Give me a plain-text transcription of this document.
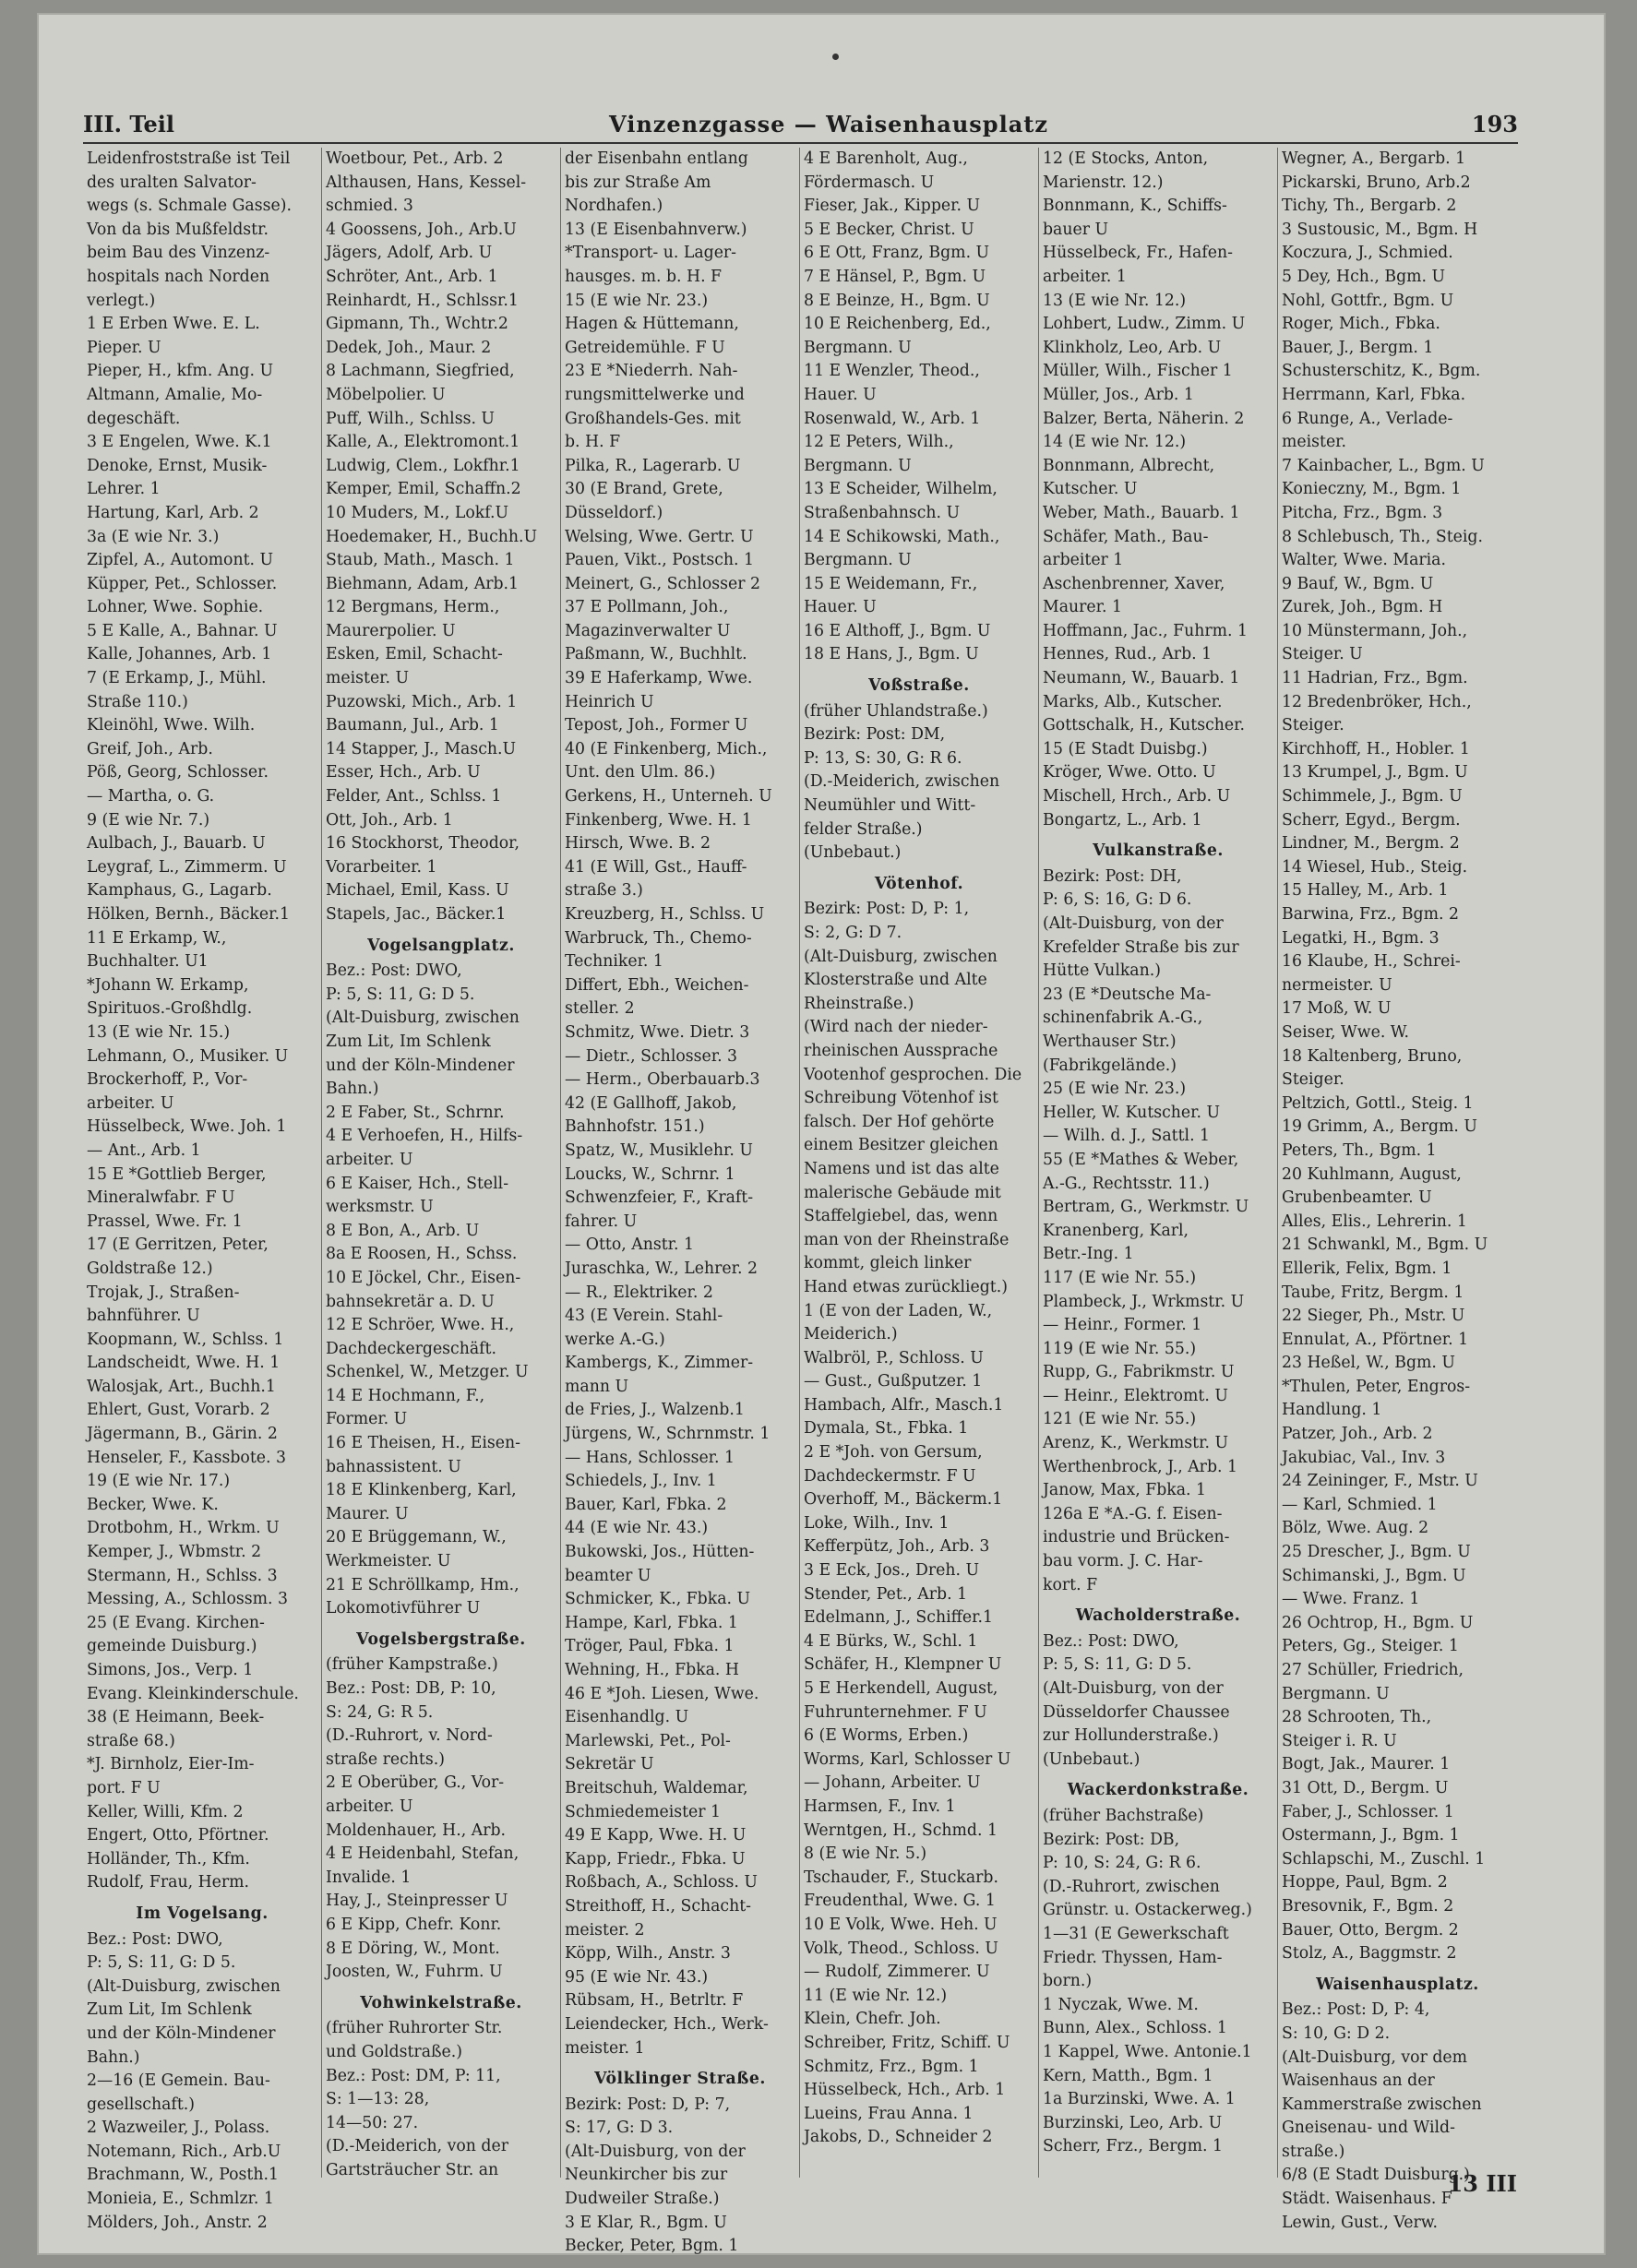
III. Teil	Vinzenzgasse — Waisenhausplatz	193
Leidenfroststraße ist Teil
des uralten Salvator-
wegs (s. Schmale Gasse).
Von da bis Mußfeldstr.
beim Bau des Vinzenz-
hospitals nach Norden
verlegt.)
1 E Erben Wwe. E. L.
Pieper. U
Pieper, H., kfm. Ang. U
Altmann, Amalie, Mo-
degeschäft.
3 E Engelen, Wwe. K.1
Denoke, Ernst, Musik-
Lehrer. 1
Hartung, Karl, Arb. 2
3a (E wie Nr. 3.)
Zipfel, A., Automont. U
Küpper, Pet., Schlosser.
Lohner, Wwe. Sophie.
5 E Kalle, A., Bahnar. U
Kalle, Johannes, Arb. 1
7 (E Erkamp, J., Mühl.
Straße 110.)
Kleinöhl, Wwe. Wilh.
Greif, Joh., Arb.
Pöß, Georg, Schlosser.
— Martha, o. G.
9 (E wie Nr. 7.)
Aulbach, J., Bauarb. U
Leygraf, L., Zimmerm. U
Kamphaus, G., Lagarb.
Hölken, Bernh., Bäcker.1
11 E Erkamp, W.,
Buchhalter. U1
*Johann W. Erkamp,
Spirituos.-Großhdlg.
13 (E wie Nr. 15.)
Lehmann, O., Musiker. U
Brockerhoff, P., Vor-
arbeiter. U
Hüsselbeck, Wwe. Joh. 1
— Ant., Arb. 1
15 E *Gottlieb Berger,
Mineralwfabr. F U
Prassel, Wwe. Fr. 1
17 (E Gerritzen, Peter,
Goldstraße 12.)
Trojak, J., Straßen-
bahnführer. U
Koopmann, W., Schlss. 1
Landscheidt, Wwe. H. 1
Walosjak, Art., Buchh.1
Ehlert, Gust, Vorarb. 2
Jägermann, B., Gärin. 2
Henseler, F., Kassbote. 3
19 (E wie Nr. 17.)
Becker, Wwe. K.
Drotbohm, H., Wrkm. U
Kemper, J., Wbmstr. 2
Stermann, H., Schlss. 3
Messing, A., Schlossm. 3
25 (E Evang. Kirchen-
gemeinde Duisburg.)
Simons, Jos., Verp. 1
Evang. Kleinkinderschule.
38 (E Heimann, Beek-
straße 68.)
*J. Birnholz, Eier-Im-
port. F U
Keller, Willi, Kfm. 2
Engert, Otto, Pförtner.
Holländer, Th., Kfm.
Rudolf, Frau, Herm.
Im Vogelsang.
Bez.: Post: DWO,
P: 5, S: 11, G: D 5.
(Alt-Duisburg, zwischen
Zum Lit, Im Schlenk
und der Köln-Mindener
Bahn.)
2—16 (E Gemein. Bau-
gesellschaft.)
2 Wazweiler, J., Polass.
Notemann, Rich., Arb.U
Brachmann, W., Posth.1
Monieia, E., Schmlzr. 1
Mölders, Joh., Anstr. 2
Woetbour, Pet., Arb. 2
Althausen, Hans, Kessel-
schmied. 3
4 Goossens, Joh., Arb.U
Jägers, Adolf, Arb. U
Schröter, Ant., Arb. 1
Reinhardt, H., Schlssr.1
Gipmann, Th., Wchtr.2
Dedek, Joh., Maur. 2
8 Lachmann, Siegfried,
Möbelpolier. U
Puff, Wilh., Schlss. U
Kalle, A., Elektromont.1
Ludwig, Clem., Lokfhr.1
Kemper, Emil, Schaffn.2
10 Muders, M., Lokf.U
Hoedemaker, H., Buchh.U
Staub, Math., Masch. 1
Biehmann, Adam, Arb.1
12 Bergmans, Herm.,
Maurerpolier. U
Esken, Emil, Schacht-
meister. U
Puzowski, Mich., Arb. 1
Baumann, Jul., Arb. 1
14 Stapper, J., Masch.U
Esser, Hch., Arb. U
Felder, Ant., Schlss. 1
Ott, Joh., Arb. 1
16 Stockhorst, Theodor,
Vorarbeiter. 1
Michael, Emil, Kass. U
Stapels, Jac., Bäcker.1
Vogelsangplatz.
Bez.: Post: DWO,
P: 5, S: 11, G: D 5.
(Alt-Duisburg, zwischen
Zum Lit, Im Schlenk
und der Köln-Mindener
Bahn.)
2 E Faber, St., Schrnr.
4 E Verhoefen, H., Hilfs-
arbeiter. U
6 E Kaiser, Hch., Stell-
werksmstr. U
8 E Bon, A., Arb. U
8a E Roosen, H., Schss.
10 E Jöckel, Chr., Eisen-
bahnsekretär a. D. U
12 E Schröer, Wwe. H.,
Dachdeckergeschäft.
Schenkel, W., Metzger. U
14 E Hochmann, F.,
Former. U
16 E Theisen, H., Eisen-
bahnassistent. U
18 E Klinkenberg, Karl,
Maurer. U
20 E Brüggemann, W.,
Werkmeister. U
21 E Schröllkamp, Hm.,
Lokomotivführer U
Vogelsbergstraße.
(früher Kampstraße.)
Bez.: Post: DB, P: 10,
S: 24, G: R 5.
(D.-Ruhrort, v. Nord-
straße rechts.)
2 E Oberüber, G., Vor-
arbeiter. U
Moldenhauer, H., Arb.
4 E Heidenbahl, Stefan,
Invalide. 1
Hay, J., Steinpresser U
6 E Kipp, Chefr. Konr.
8 E Döring, W., Mont.
Joosten, W., Fuhrm. U
Vohwinkelstraße.
(früher Ruhrorter Str.
und Goldstraße.)
Bez.: Post: DM, P: 11,
S: 1—13: 28,
14—50: 27.
(D.-Meiderich, von der
Gartsträucher Str. an
der Eisenbahn entlang
bis zur Straße Am
Nordhafen.)
13 (E Eisenbahnverw.)
*Transport- u. Lager-
hausges. m. b. H. F
15 (E wie Nr. 23.)
Hagen & Hüttemann,
Getreidemühle. F U
23 E *Niederrh. Nah-
rungsmittelwerke und
Großhandels-Ges. mit
b. H. F
Pilka, R., Lagerarb. U
30 (E Brand, Grete,
Düsseldorf.)
Welsing, Wwe. Gertr. U
Pauen, Vikt., Postsch. 1
Meinert, G., Schlosser 2
37 E Pollmann, Joh.,
Magazinverwalter U
Paßmann, W., Buchhlt.
39 E Haferkamp, Wwe.
Heinrich U
Tepost, Joh., Former U
40 (E Finkenberg, Mich.,
Unt. den Ulm. 86.)
Gerkens, H., Unterneh. U
Finkenberg, Wwe. H. 1
Hirsch, Wwe. B. 2
41 (E Will, Gst., Hauff-
straße 3.)
Kreuzberg, H., Schlss. U
Warbruck, Th., Chemo-
Techniker. 1
Differt, Ebh., Weichen-
steller. 2
Schmitz, Wwe. Dietr. 3
— Dietr., Schlosser. 3
— Herm., Oberbauarb.3
42 (E Gallhoff, Jakob,
Bahnhofstr. 151.)
Spatz, W., Musiklehr. U
Loucks, W., Schrnr. 1
Schwenzfeier, F., Kraft-
fahrer. U
— Otto, Anstr. 1
Juraschka, W., Lehrer. 2
— R., Elektriker. 2
43 (E Verein. Stahl-
werke A.-G.)
Kambergs, K., Zimmer-
mann U
de Fries, J., Walzenb.1
Jürgens, W., Schrnmstr. 1
— Hans, Schlosser. 1
Schiedels, J., Inv. 1
Bauer, Karl, Fbka. 2
44 (E wie Nr. 43.)
Bukowski, Jos., Hütten-
beamter U
Schmicker, K., Fbka. U
Hampe, Karl, Fbka. 1
Tröger, Paul, Fbka. 1
Wehning, H., Fbka. H
46 E *Joh. Liesen, Wwe.
Eisenhandlg. U
Marlewski, Pet., Pol-
Sekretär U
Breitschuh, Waldemar,
Schmiedemeister 1
49 E Kapp, Wwe. H. U
Kapp, Friedr., Fbka. U
Roßbach, A., Schloss. U
Streithoff, H., Schacht-
meister. 2
Köpp, Wilh., Anstr. 3
95 (E wie Nr. 43.)
Rübsam, H., Betrltr. F
Leiendecker, Hch., Werk-
meister. 1
Völklinger Straße.
Bezirk: Post: D, P: 7,
S: 17, G: D 3.
(Alt-Duisburg, von der
Neunkircher bis zur
Dudweiler Straße.)
3 E Klar, R., Bgm. U
Becker, Peter, Bgm. 1
4 E Barenholt, Aug.,
Fördermasch. U
Fieser, Jak., Kipper. U
5 E Becker, Christ. U
6 E Ott, Franz, Bgm. U
7 E Hänsel, P., Bgm. U
8 E Beinze, H., Bgm. U
10 E Reichenberg, Ed.,
Bergmann. U
11 E Wenzler, Theod.,
Hauer. U
Rosenwald, W., Arb. 1
12 E Peters, Wilh.,
Bergmann. U
13 E Scheider, Wilhelm,
Straßenbahnsch. U
14 E Schikowski, Math.,
Bergmann. U
15 E Weidemann, Fr.,
Hauer. U
16 E Althoff, J., Bgm. U
18 E Hans, J., Bgm. U
Voßstraße.
(früher Uhlandstraße.)
Bezirk: Post: DM,
P: 13, S: 30, G: R 6.
(D.-Meiderich, zwischen
Neumühler und Witt-
felder Straße.)
(Unbebaut.)
Vötenhof.
Bezirk: Post: D, P: 1,
S: 2, G: D 7.
(Alt-Duisburg, zwischen
Klosterstraße und Alte
Rheinstraße.)
(Wird nach der nieder-
rheinischen Aussprache
Vootenhof gesprochen. Die
Schreibung Vötenhof ist
falsch. Der Hof gehörte
einem Besitzer gleichen
Namens und ist das alte
malerische Gebäude mit
Staffelgiebel, das, wenn
man von der Rheinstraße
kommt, gleich linker
Hand etwas zurückliegt.)
1 (E von der Laden, W.,
Meiderich.)
Walbröl, P., Schloss. U
— Gust., Gußputzer. 1
Hambach, Alfr., Masch.1
Dymala, St., Fbka. 1
2 E *Joh. von Gersum,
Dachdeckermstr. F U
Overhoff, M., Bäckerm.1
Loke, Wilh., Inv. 1
Kefferpütz, Joh., Arb. 3
3 E Eck, Jos., Dreh. U
Stender, Pet., Arb. 1
Edelmann, J., Schiffer.1
4 E Bürks, W., Schl. 1
Schäfer, H., Klempner U
5 E Herkendell, August,
Fuhrunternehmer. F U
6 (E Worms, Erben.)
Worms, Karl, Schlosser U
— Johann, Arbeiter. U
Harmsen, F., Inv. 1
Werntgen, H., Schmd. 1
8 (E wie Nr. 5.)
Tschauder, F., Stuckarb.
Freudenthal, Wwe. G. 1
10 E Volk, Wwe. Heh. U
Volk, Theod., Schloss. U
— Rudolf, Zimmerer. U
11 (E wie Nr. 12.)
Klein, Chefr. Joh.
Schreiber, Fritz, Schiff. U
Schmitz, Frz., Bgm. 1
Hüsselbeck, Hch., Arb. 1
Lueins, Frau Anna. 1
Jakobs, D., Schneider 2
12 (E Stocks, Anton,
Marienstr. 12.)
Bonnmann, K., Schiffs-
bauer U
Hüsselbeck, Fr., Hafen-
arbeiter. 1
13 (E wie Nr. 12.)
Lohbert, Ludw., Zimm. U
Klinkholz, Leo, Arb. U
Müller, Wilh., Fischer 1
Müller, Jos., Arb. 1
Balzer, Berta, Näherin. 2
14 (E wie Nr. 12.)
Bonnmann, Albrecht,
Kutscher. U
Weber, Math., Bauarb. 1
Schäfer, Math., Bau-
arbeiter 1
Aschenbrenner, Xaver,
Maurer. 1
Hoffmann, Jac., Fuhrm. 1
Hennes, Rud., Arb. 1
Neumann, W., Bauarb. 1
Marks, Alb., Kutscher.
Gottschalk, H., Kutscher.
15 (E Stadt Duisbg.)
Kröger, Wwe. Otto. U
Mischell, Hrch., Arb. U
Bongartz, L., Arb. 1
Vulkanstraße.
Bezirk: Post: DH,
P: 6, S: 16, G: D 6.
(Alt-Duisburg, von der
Krefelder Straße bis zur
Hütte Vulkan.)
23 (E *Deutsche Ma-
schinenfabrik A.-G.,
Werthauser Str.)
(Fabrikgelände.)
25 (E wie Nr. 23.)
Heller, W. Kutscher. U
— Wilh. d. J., Sattl. 1
55 (E *Mathes & Weber,
A.-G., Rechtsstr. 11.)
Bertram, G., Werkmstr. U
Kranenberg, Karl,
Betr.-Ing. 1
117 (E wie Nr. 55.)
Plambeck, J., Wrkmstr. U
— Heinr., Former. 1
119 (E wie Nr. 55.)
Rupp, G., Fabrikmstr. U
— Heinr., Elektromt. U
121 (E wie Nr. 55.)
Arenz, K., Werkmstr. U
Werthenbrock, J., Arb. 1
Janow, Max, Fbka. 1
126a E *A.-G. f. Eisen-
industrie und Brücken-
bau vorm. J. C. Har-
kort. F
Wacholderstraße.
Bez.: Post: DWO,
P: 5, S: 11, G: D 5.
(Alt-Duisburg, von der
Düsseldorfer Chaussee
zur Hollunderstraße.)
(Unbebaut.)
Wackerdonkstraße.
(früher Bachstraße)
Bezirk: Post: DB,
P: 10, S: 24, G: R 6.
(D.-Ruhrort, zwischen
Grünstr. u. Ostackerweg.)
1—31 (E Gewerkschaft
Friedr. Thyssen, Ham-
born.)
1 Nyczak, Wwe. M.
Bunn, Alex., Schloss. 1
1 Kappel, Wwe. Antonie.1
Kern, Matth., Bgm. 1
1a Burzinski, Wwe. A. 1
Burzinski, Leo, Arb. U
Scherr, Frz., Bergm. 1
Wegner, A., Bergarb. 1
Pickarski, Bruno, Arb.2
Tichy, Th., Bergarb. 2
3 Sustousic, M., Bgm. H
Koczura, J., Schmied.
5 Dey, Hch., Bgm. U
Nohl, Gottfr., Bgm. U
Roger, Mich., Fbka.
Bauer, J., Bergm. 1
Schusterschitz, K., Bgm.
Herrmann, Karl, Fbka.
6 Runge, A., Verlade-
meister.
7 Kainbacher, L., Bgm. U
Konieczny, M., Bgm. 1
Pitcha, Frz., Bgm. 3
8 Schlebusch, Th., Steig.
Walter, Wwe. Maria.
9 Bauf, W., Bgm. U
Zurek, Joh., Bgm. H
10 Münstermann, Joh.,
Steiger. U
11 Hadrian, Frz., Bgm.
12 Bredenbröker, Hch.,
Steiger.
Kirchhoff, H., Hobler. 1
13 Krumpel, J., Bgm. U
Schimmele, J., Bgm. U
Scherr, Egyd., Bergm.
Lindner, M., Bergm. 2
14 Wiesel, Hub., Steig.
15 Halley, M., Arb. 1
Barwina, Frz., Bgm. 2
Legatki, H., Bgm. 3
16 Klaube, H., Schrei-
nermeister. U
17 Moß, W. U
Seiser, Wwe. W.
18 Kaltenberg, Bruno,
Steiger.
Peltzich, Gottl., Steig. 1
19 Grimm, A., Bergm. U
Peters, Th., Bgm. 1
20 Kuhlmann, August,
Grubenbeamter. U
Alles, Elis., Lehrerin. 1
21 Schwankl, M., Bgm. U
Ellerik, Felix, Bgm. 1
Taube, Fritz, Bergm. 1
22 Sieger, Ph., Mstr. U
Ennulat, A., Pförtner. 1
23 Heßel, W., Bgm. U
*Thulen, Peter, Engros-
Handlung. 1
Patzer, Joh., Arb. 2
Jakubiac, Val., Inv. 3
24 Zeininger, F., Mstr. U
— Karl, Schmied. 1
Bölz, Wwe. Aug. 2
25 Drescher, J., Bgm. U
Schimanski, J., Bgm. U
— Wwe. Franz. 1
26 Ochtrop, H., Bgm. U
Peters, Gg., Steiger. 1
27 Schüller, Friedrich,
Bergmann. U
28 Schrooten, Th.,
Steiger i. R. U
Bogt, Jak., Maurer. 1
31 Ott, D., Bergm. U
Faber, J., Schlosser. 1
Ostermann, J., Bgm. 1
Schlapschi, M., Zuschl. 1
Hoppe, Paul, Bgm. 2
Bresovnik, F., Bgm. 2
Bauer, Otto, Bergm. 2
Stolz, A., Baggmstr. 2
Waisenhausplatz.
Bez.: Post: D, P: 4,
S: 10, G: D 2.
(Alt-Duisburg, vor dem
Waisenhaus an der
Kammerstraße zwischen
Gneisenau- und Wild-
straße.)
6/8 (E Stadt Duisburg.)
Städt. Waisenhaus. F
Lewin, Gust., Verw.
13 III
